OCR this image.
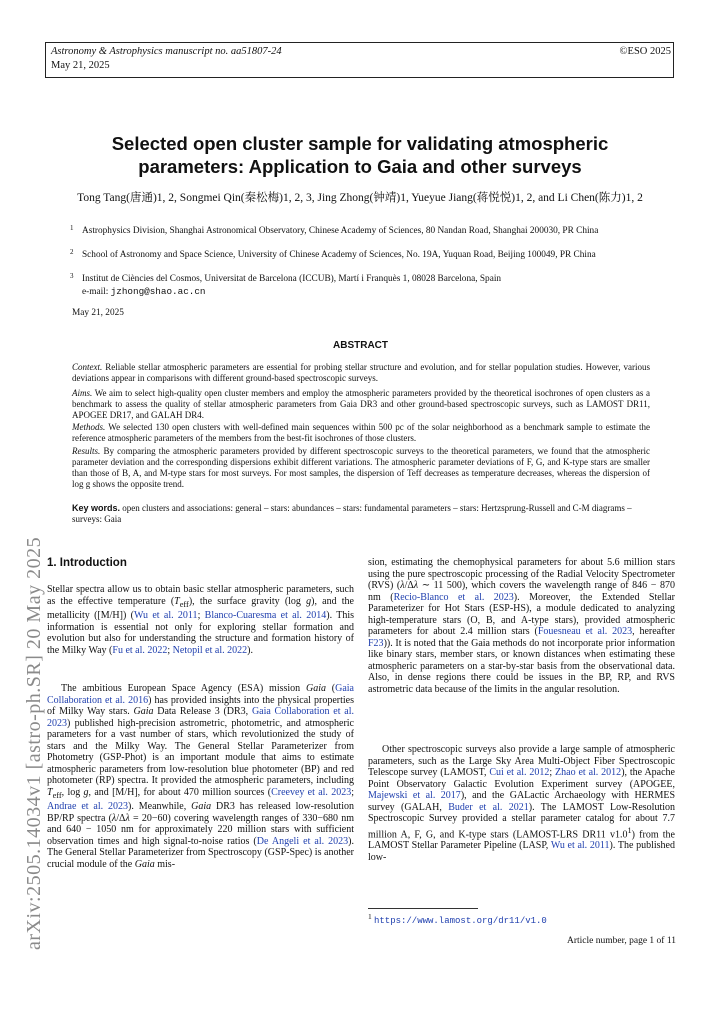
Astronomy & Astrophysics manuscript no. aa51807-24
May 21, 2025
©ESO 2025
arXiv:2505.14034v1 [astro-ph.SR] 20 May 2025
Selected open cluster sample for validating atmospheric parameters: Application to Gaia and other surveys
Tong Tang(唐通)1, 2, Songmei Qin(秦松梅)1, 2, 3, Jing Zhong(钟靖)1, Yueyue Jiang(蒋悦悦)1, 2, and Li Chen(陈力)1, 2
1 Astrophysics Division, Shanghai Astronomical Observatory, Chinese Academy of Sciences, 80 Nandan Road, Shanghai 200030, PR China
2 School of Astronomy and Space Science, University of Chinese Academy of Sciences, No. 19A, Yuquan Road, Beijing 100049, PR China
3 Institut de Ciències del Cosmos, Universitat de Barcelona (ICCUB), Martí i Franquès 1, 08028 Barcelona, Spain
e-mail: jzhong@shao.ac.cn
May 21, 2025
ABSTRACT
Context. Reliable stellar atmospheric parameters are essential for probing stellar structure and evolution, and for stellar population studies. However, various deviations appear in comparisons with different ground-based spectroscopic surveys.
Aims. We aim to select high-quality open cluster members and employ the atmospheric parameters provided by the theoretical isochrones of open clusters as a benchmark to assess the quality of stellar atmospheric parameters from Gaia DR3 and other ground-based spectroscopic surveys, such as LAMOST DR11, APOGEE DR17, and GALAH DR4.
Methods. We selected 130 open clusters with well-defined main sequences within 500 pc of the solar neighborhood as a benchmark sample to estimate the reference atmospheric parameters of the members from the best-fit isochrones of those clusters.
Results. By comparing the atmospheric parameters provided by different spectroscopic surveys to the theoretical parameters, we found that the atmospheric parameter deviation and the corresponding dispersions exhibit different variations. The atmospheric parameter deviations of F, G, and K-type stars are smaller than those of B, A, and M-type stars for most surveys. For most samples, the dispersion of Teff decreases as temperature decreases, whereas the dispersion of log g shows the opposite trend.
Key words. open clusters and associations: general – stars: abundances – stars: fundamental parameters – stars: Hertzsprung-Russell and C-M diagrams – surveys: Gaia
1. Introduction
Stellar spectra allow us to obtain basic stellar atmospheric parameters, such as the effective temperature $(T_{eff})$, the surface gravity (log g), and the metallicity ([M/H]) (Wu et al. 2011; Blanco-Cuaresma et al. 2014). This information is essential not only for exploring stellar formation and evolution but also for understanding the structure and formation history of the Milky Way (Fu et al. 2022; Netopil et al. 2022).
The ambitious European Space Agency (ESA) mission Gaia (Gaia Collaboration et al. 2016) has provided insights into the physical properties of Milky Way stars. Gaia Data Release 3 (DR3, Gaia Collaboration et al. 2023) published high-precision astrometric, photometric, and atmospheric parameters for a vast number of stars, which revolutionized the study of stars and the Milky Way. The General Stellar Parameterizer from Photometry (GSP-Phot) is an important module that aims to estimate atmospheric parameters from low-resolution blue photometer (BP) and red photometer (RP) spectra. It provided the atmospheric parameters, including $T_{eff}$, log g, and [M/H], for about 470 million sources (Creevey et al. 2023; Andrae et al. 2023). Meanwhile, Gaia DR3 has released low-resolution BP/RP spectra (λ/Δλ = 20−60) covering wavelength ranges of 330−680 nm and 640 − 1050 nm for approximately 220 million stars with sufficient observation times and high signal-to-noise ratios (De Angeli et al. 2023). The General Stellar Parameterizer from Spectroscopy (GSP-Spec) is another crucial module of the Gaia mis-
sion, estimating the chemophysical parameters for about 5.6 million stars using the pure spectroscopic processing of the Radial Velocity Spectrometer (RVS) (λ/Δλ ∼ 11 500), which covers the wavelength range of 846 − 870 nm (Recio-Blanco et al. 2023). Moreover, the Extended Stellar Parameterizer for Hot Stars (ESP-HS), a module dedicated to analyzing high-temperature stars (O, B, and A-type stars), provided atmospheric parameters for about 2.4 million stars (Fouesneau et al. 2023, hereafter F23)). It is noted that the Gaia methods do not incorporate prior information like binary stars, member stars, or known distances when estimating these atmospheric parameters on a star-by-star basis from the observational data. Also, in dense regions there could be issues in the BP, RP, and RVS astrometric data because of the limits in the angular resolution.
Other spectroscopic surveys also provide a large sample of atmospheric parameters, such as the Large Sky Area Multi-Object Fiber Spectroscopic Telescope survey (LAMOST, Cui et al. 2012; Zhao et al. 2012), the Apache Point Observatory Galactic Evolution Experiment survey (APOGEE, Majewski et al. 2017), and the GALactic Archaeology with HERMES survey (GALAH, Buder et al. 2021). The LAMOST Low-Resolution Spectroscopic Survey provided a stellar parameter catalog for about 7.7 million A, F, G, and K-type stars (LAMOST-LRS DR11 $v1.0^1$) from the LAMOST Stellar Parameter Pipeline (LASP, Wu et al. 2011). The published low-
$^1$ https://www.lamost.org/dr11/v1.0
Article number, page 1 of 11
